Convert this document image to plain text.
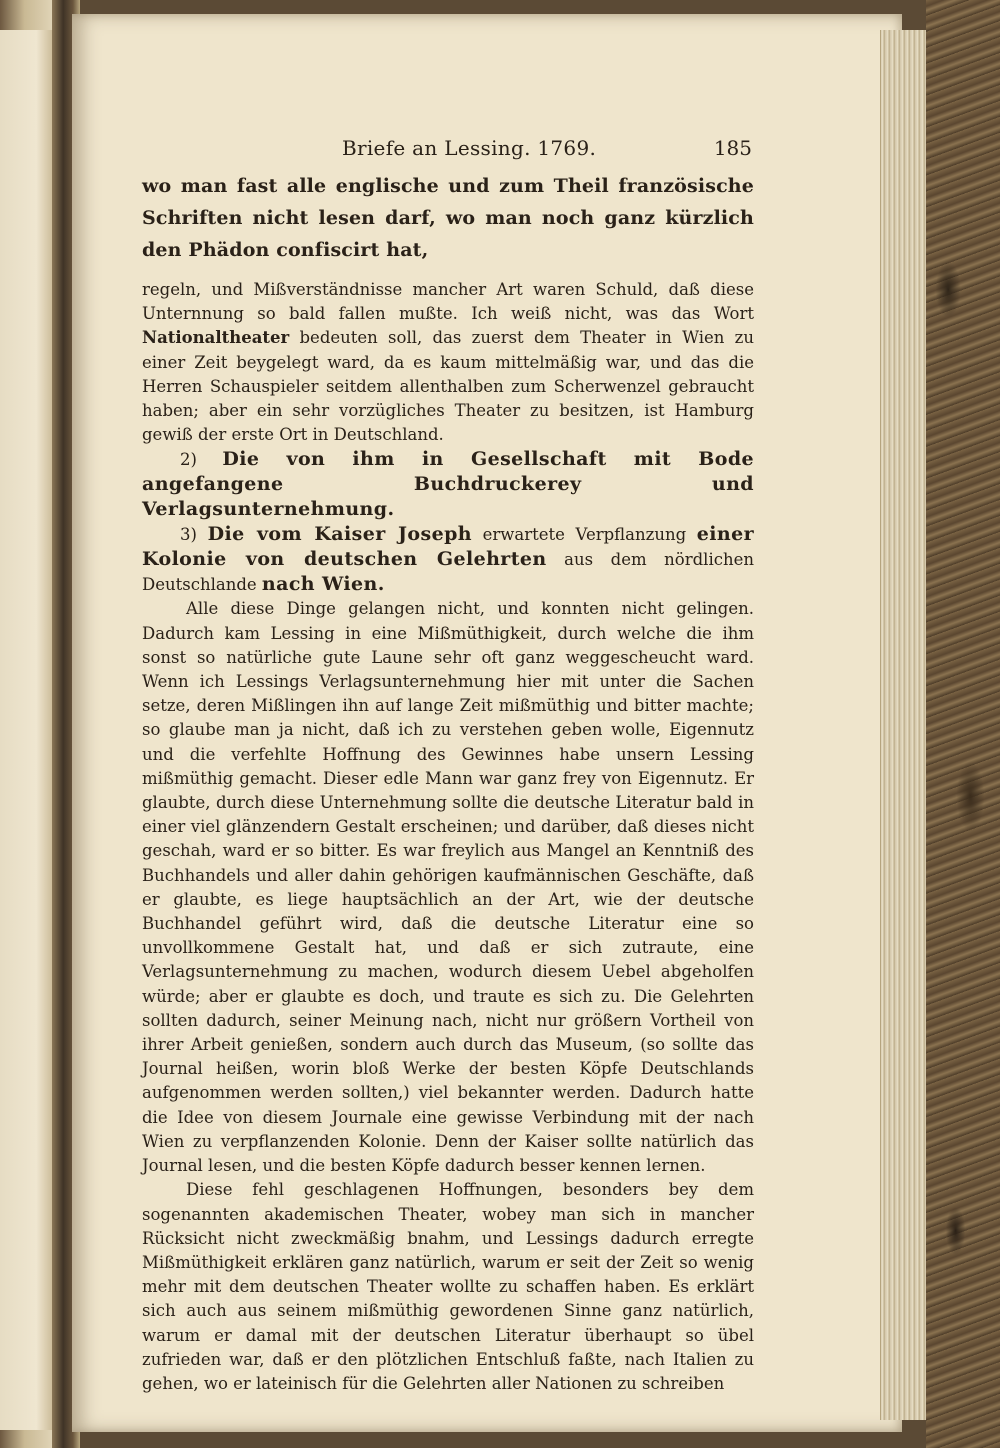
Briefe an Lessing. 1769.	185
wo man fast alle englische und zum Theil französische Schriften nicht lesen darf, wo man noch ganz kürzlich den Phädon confiscirt hat,

regeln, und Mißverständnisse mancher Art waren Schuld, daß diese Unternnung so bald fallen mußte. Ich weiß nicht, was das Wort Nationaltheater bedeuten soll, das zuerst dem Theater in Wien zu einer Zeit beygelegt ward, da es kaum mittelmäßig war, und das die Herren Schauspieler seitdem allenthalben zum Scherwenzel gebraucht haben; aber ein sehr vorzügliches Theater zu besitzen, ist Hamburg gewiß der erste Ort in Deutschland.

2) Die von ihm in Gesellschaft mit Bode angefangene Buchdruckerey und Verlagsunternehmung.

3) Die vom Kaiser Joseph erwartete Verpflanzung einer Kolonie von deutschen Gelehrten aus dem nördlichen Deutschlande nach Wien.

Alle diese Dinge gelangen nicht, und konnten nicht gelingen. Dadurch kam Lessing in eine Mißmüthigkeit, durch welche die ihm sonst so natürliche gute Laune sehr oft ganz weggescheucht ward. Wenn ich Lessings Verlagsunternehmung hier mit unter die Sachen setze, deren Mißlingen ihn auf lange Zeit mißmüthig und bitter machte; so glaube man ja nicht, daß ich zu verstehen geben wolle, Eigennutz und die verfehlte Hoffnung des Gewinnes habe unsern Lessing mißmüthig gemacht. Dieser edle Mann war ganz frey von Eigennutz. Er glaubte, durch diese Unternehmung sollte die deutsche Literatur bald in einer viel glänzendern Gestalt erscheinen; und darüber, daß dieses nicht geschah, ward er so bitter. Es war freylich aus Mangel an Kenntniß des Buchhandels und aller dahin gehörigen kaufmännischen Geschäfte, daß er glaubte, es liege hauptsächlich an der Art, wie der deutsche Buchhandel geführt wird, daß die deutsche Literatur eine so unvollkommene Gestalt hat, und daß er sich zutraute, eine Verlagsunternehmung zu machen, wodurch diesem Uebel abgeholfen würde; aber er glaubte es doch, und traute es sich zu. Die Gelehrten sollten dadurch, seiner Meinung nach, nicht nur größern Vortheil von ihrer Arbeit genießen, sondern auch durch das Museum, (so sollte das Journal heißen, worin bloß Werke der besten Köpfe Deutschlands aufgenommen werden sollten,) viel bekannter werden. Dadurch hatte die Idee von diesem Journale eine gewisse Verbindung mit der nach Wien zu verpflanzenden Kolonie. Denn der Kaiser sollte natürlich das Journal lesen, und die besten Köpfe dadurch besser kennen lernen.

Diese fehl geschlagenen Hoffnungen, besonders bey dem sogenannten akademischen Theater, wobey man sich in mancher Rücksicht nicht zweckmäßig bnahm, und Lessings dadurch erregte Mißmüthigkeit erklären ganz natürlich, warum er seit der Zeit so wenig mehr mit dem deutschen Theater wollte zu schaffen haben. Es erklärt sich auch aus seinem mißmüthig gewordenen Sinne ganz natürlich, warum er damal mit der deutschen Literatur überhaupt so übel zufrieden war, daß er den plötzlichen Entschluß faßte, nach Italien zu gehen, wo er lateinisch für die Gelehrten aller Nationen zu schreiben
